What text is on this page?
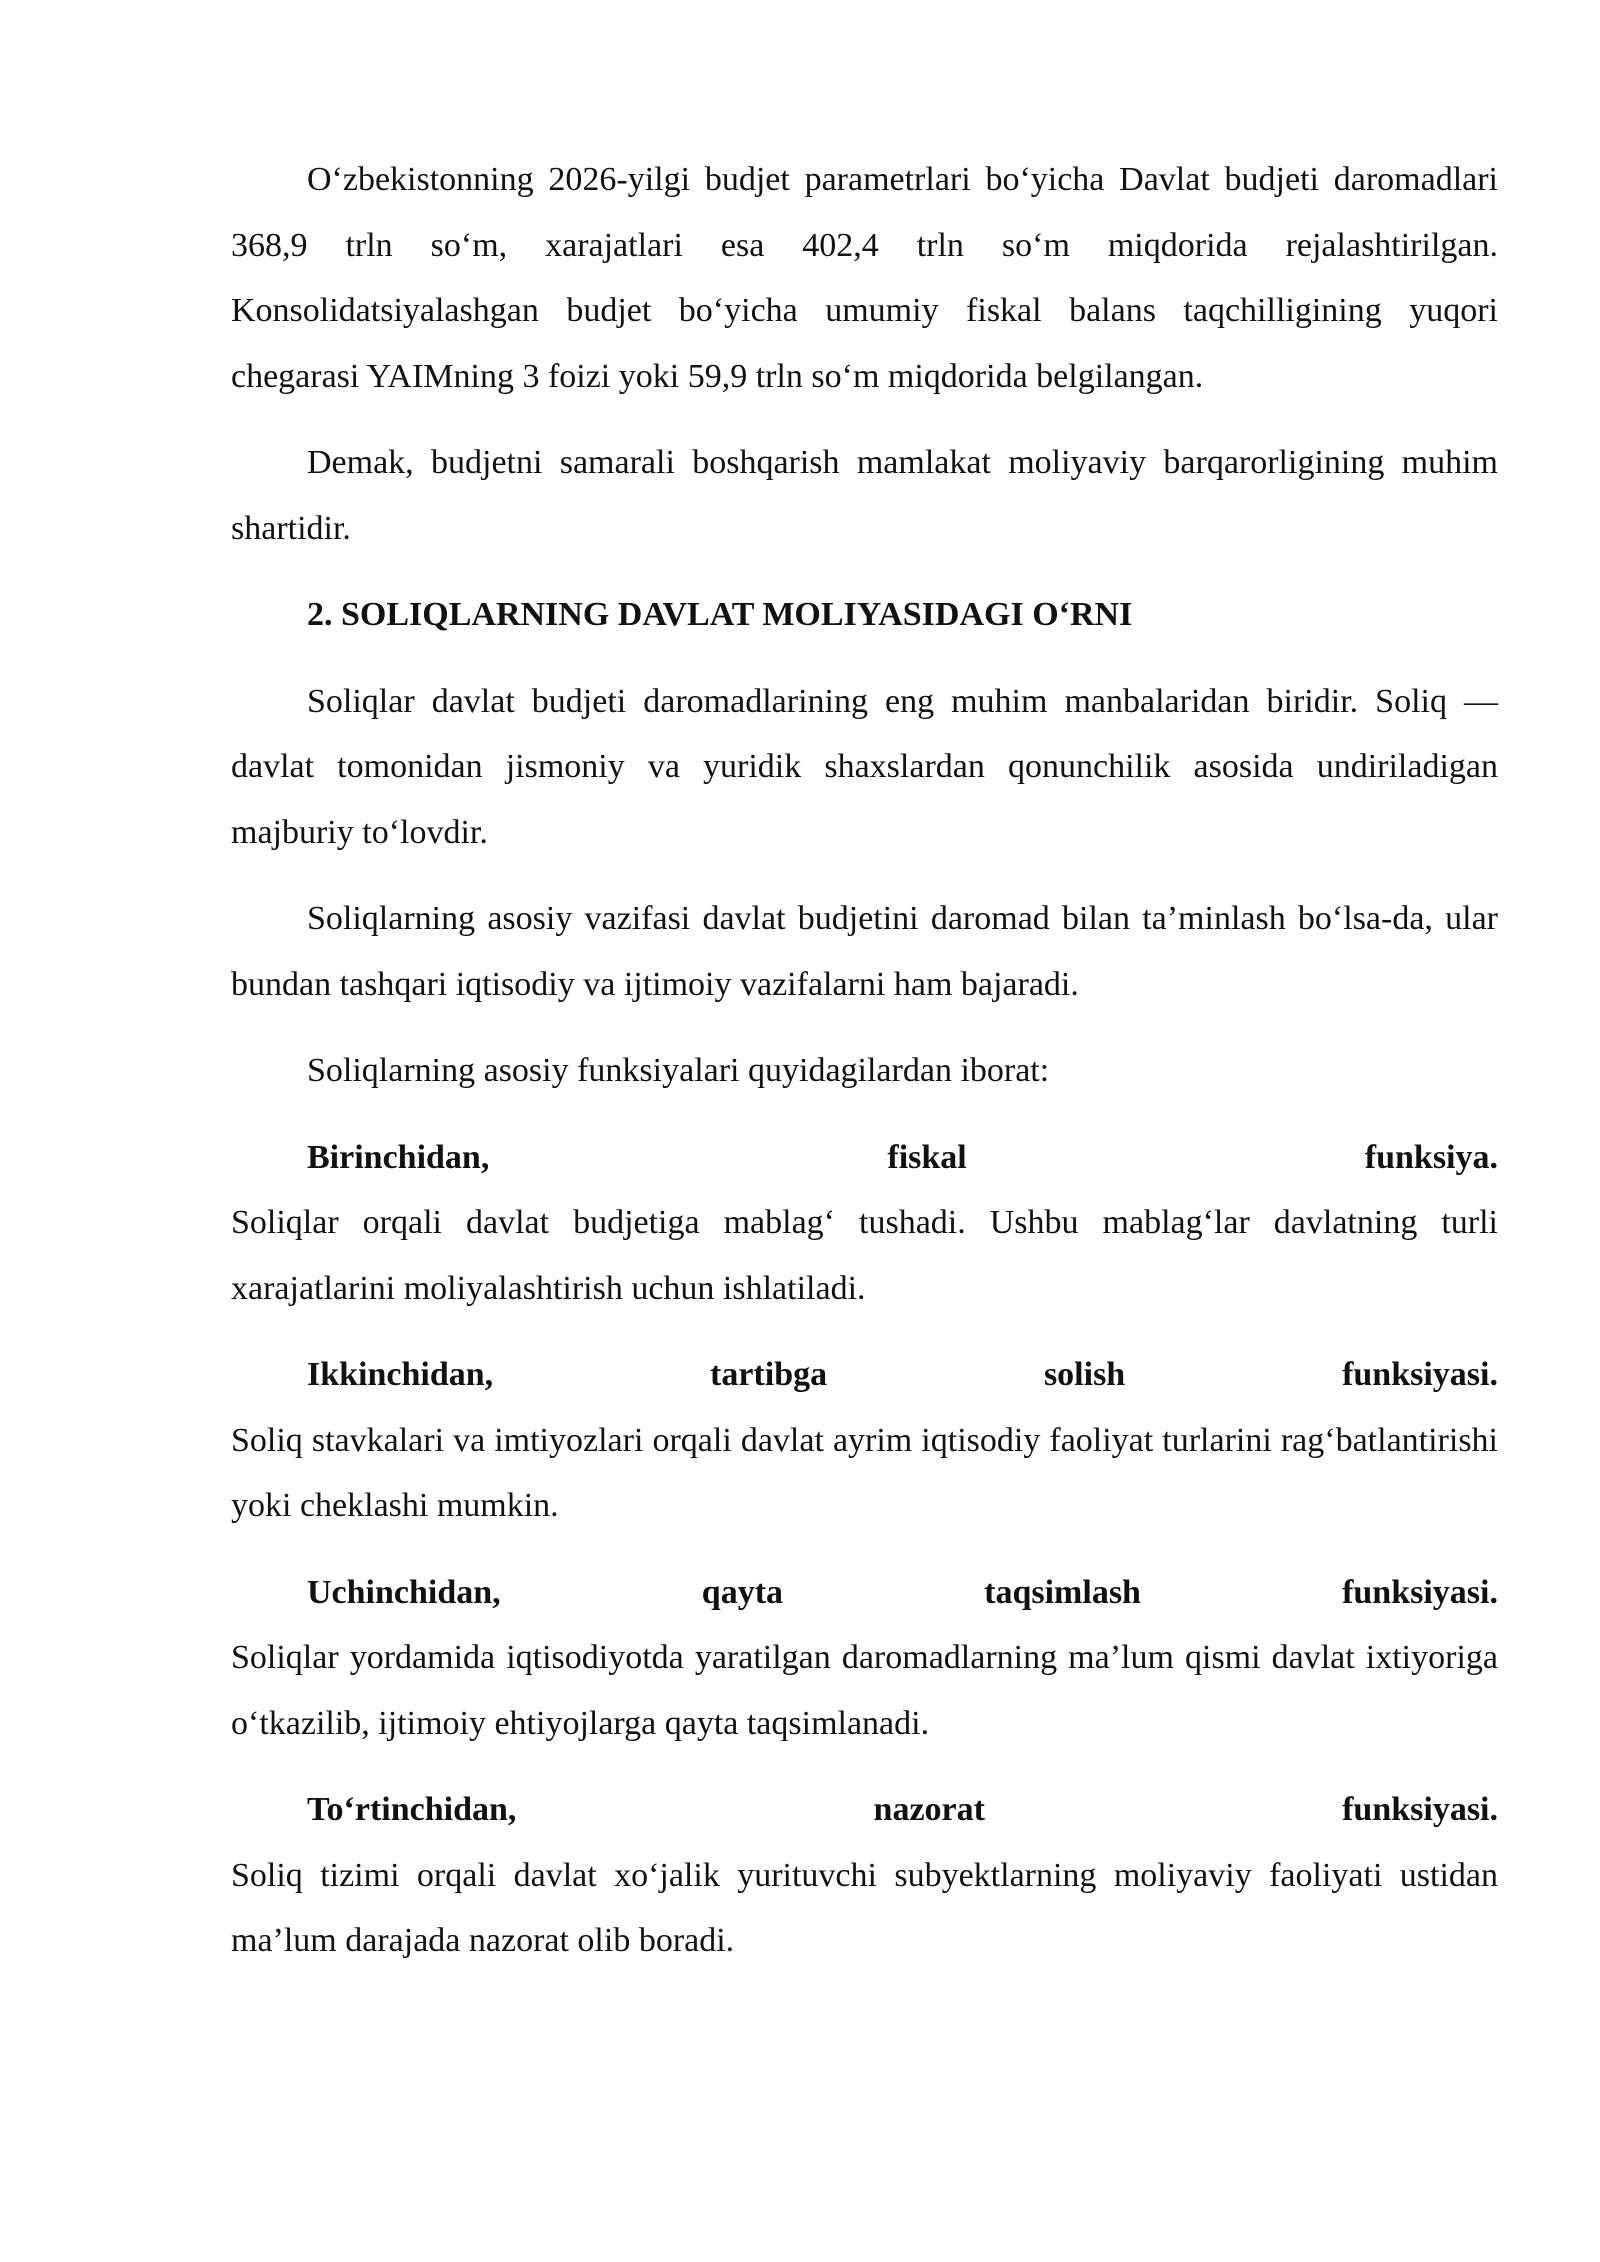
O‘zbekistonning 2026-yilgi budjet parametrlari bo‘yicha Davlat budjeti daromadlari 368,9 trln so‘m, xarajatlari esa 402,4 trln so‘m miqdorida rejalashtirilgan. Konsolidatsiyalashgan budjet bo‘yicha umumiy fiskal balans taqchilligining yuqori chegarasi YAIMning 3 foizi yoki 59,9 trln so‘m miqdorida belgilangan.

Demak, budjetni samarali boshqarish mamlakat moliyaviy barqarorligining muhim shartidir.

2. SOLIQLARNING DAVLAT MOLIYASIDAGI O‘RNI

Soliqlar davlat budjeti daromadlarining eng muhim manbalaridan biridir. Soliq — davlat tomonidan jismoniy va yuridik shaxslardan qonunchilik asosida undiriladigan majburiy to‘lovdir.

Soliqlarning asosiy vazifasi davlat budjetini daromad bilan ta’minlash bo‘lsa-da, ular bundan tashqari iqtisodiy va ijtimoiy vazifalarni ham bajaradi.

Soliqlarning asosiy funksiyalari quyidagilardan iborat:

Birinchidan,	fiskal	funksiya.

Soliqlar orqali davlat budjetiga mablag‘ tushadi. Ushbu mablag‘lar davlatning turli xarajatlarini moliyalashtirish uchun ishlatiladi.

Ikkinchidan,	tartibga	solish	funksiyasi.

Soliq stavkalari va imtiyozlari orqali davlat ayrim iqtisodiy faoliyat turlarini rag‘batlantirishi yoki cheklashi mumkin.

Uchinchidan,	qayta	taqsimlash	funksiyasi.

Soliqlar yordamida iqtisodiyotda yaratilgan daromadlarning ma’lum qismi davlat ixtiyoriga o‘tkazilib, ijtimoiy ehtiyojlarga qayta taqsimlanadi.

To‘rtinchidan,	nazorat	funksiyasi.

Soliq tizimi orqali davlat xo‘jalik yurituvchi subyektlarning moliyaviy faoliyati ustidan ma’lum darajada nazorat olib boradi.
